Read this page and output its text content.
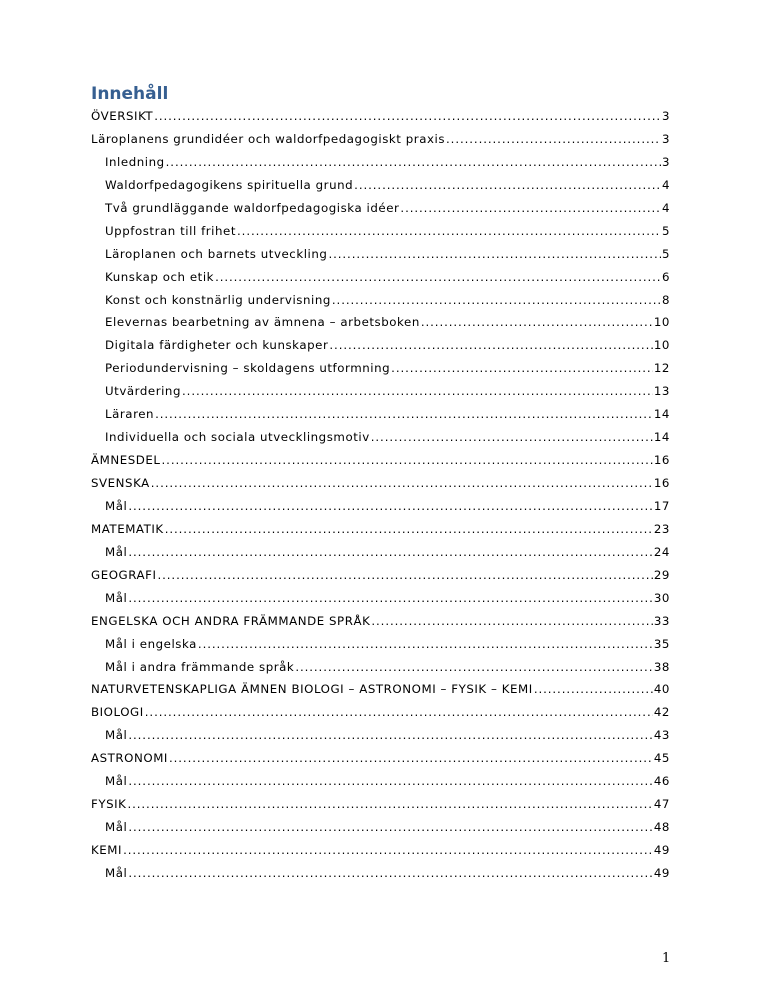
Innehåll
ÖVERSIKT .....	3
Läroplanens grundidéer och waldorfpedagogiskt praxis .....	3
Inledning .....	3
Waldorfpedagogikens spirituella grund .....	4
Två grundläggande waldorfpedagogiska idéer .....	4
Uppfostran till frihet .....	5
Läroplanen och barnets utveckling .....	5
Kunskap och etik .....	6
Konst och konstnärlig undervisning .....	8
Elevernas bearbetning av ämnena – arbetsboken .....	10
Digitala färdigheter och kunskaper .....	10
Periodundervisning – skoldagens utformning .....	12
Utvärdering .....	13
Läraren .....	14
Individuella och sociala utvecklingsmotiv .....	14
ÄMNESDEL .....	16
SVENSKA .....	16
Mål .....	17
MATEMATIK .....	23
Mål .....	24
GEOGRAFI .....	29
Mål .....	30
ENGELSKA OCH ANDRA FRÄMMANDE SPRÅK .....	33
Mål i engelska .....	35
Mål i andra främmande språk .....	38
NATURVETENSKAPLIGA ÄMNEN BIOLOGI – ASTRONOMI – FYSIK – KEMI .....	40
BIOLOGI .....	42
Mål .....	43
ASTRONOMI .....	45
Mål .....	46
FYSIK .....	47
Mål .....	48
KEMI .....	49
Mål .....	49
1
